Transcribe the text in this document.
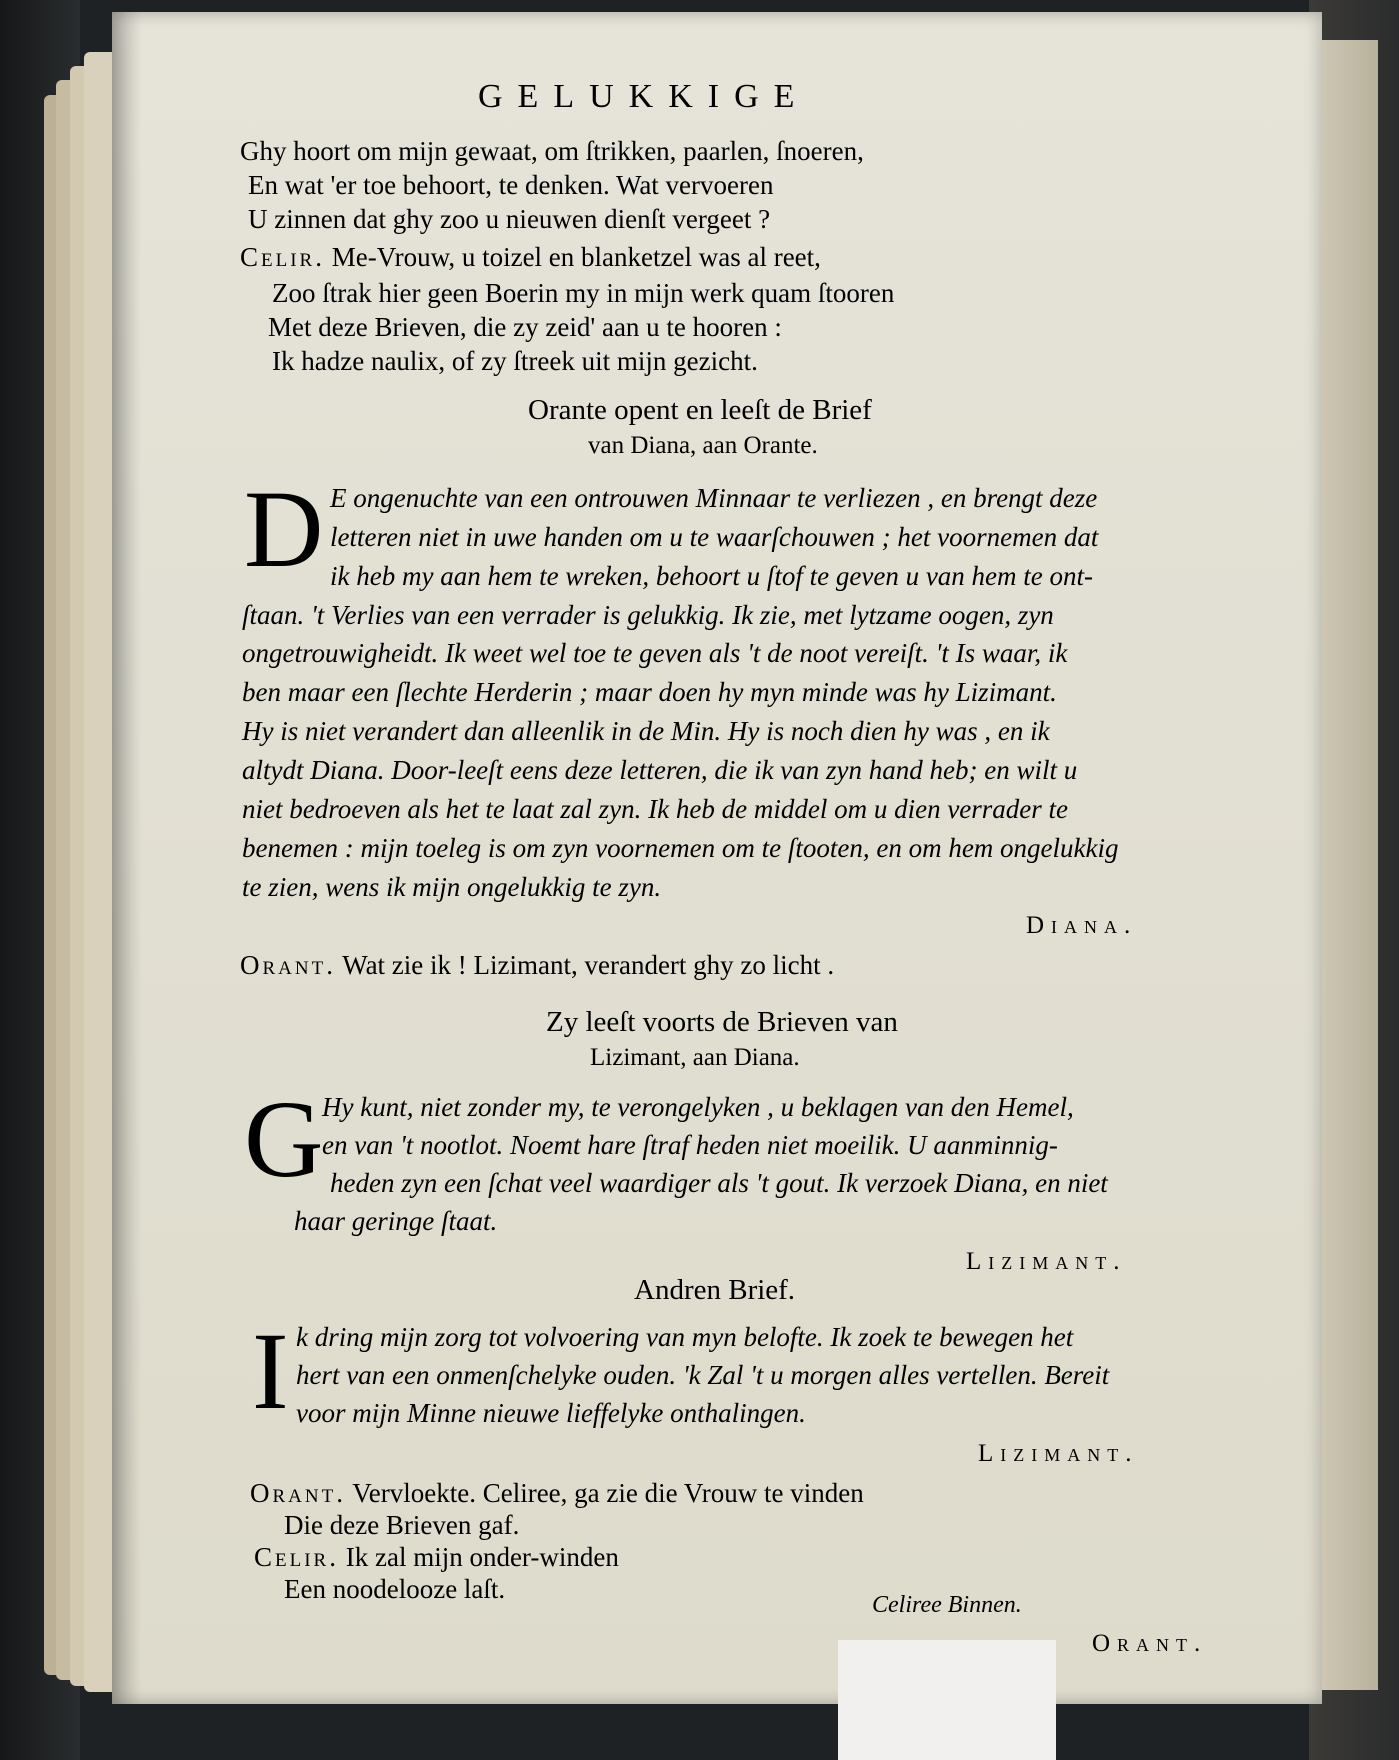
GELUKKIGE
Ghy hoort om mijn gewaat, om ſtrikken, paarlen, ſnoeren,
En wat 'er toe behoort, te denken. Wat vervoeren
U zinnen dat ghy zoo u nieuwen dienſt vergeet ?
Celir. Me-Vrouw, u toizel en blanketzel was al reet,
Zoo ſtrak hier geen Boerin my in mijn werk quam ſtooren
Met deze Brieven, die zy zeid' aan u te hooren :
Ik hadze naulix, of zy ſtreek uit mijn gezicht.
Orante opent en leeſt de Brief
van Diana, aan Orante.
D E ongenuchte van een ontrouwen Minnaar te verliezen , en brengt deze
letteren niet in uwe handen om u te waarſchouwen ; het voornemen dat
ik heb my aan hem te wreken, behoort u ſtof te geven u van hem te ont-
ſtaan. 't Verlies van een verrader is gelukkig. Ik zie, met lytzame oogen, zyn
ongetrouwigheidt. Ik weet wel toe te geven als 't de noot vereiſt. 't Is waar, ik
ben maar een ſlechte Herderin ; maar doen hy myn minde was hy Lizimant.
Hy is niet verandert dan alleenlik in de Min. Hy is noch dien hy was , en ik
altydt Diana. Door-leeſt eens deze letteren, die ik van zyn hand heb; en wilt u
niet bedroeven als het te laat zal zyn. Ik heb de middel om u dien verrader te
benemen : mijn toeleg is om zyn voornemen om te ſtooten, en om hem ongelukkig
te zien, wens ik mijn ongelukkig te zyn.
Diana.
Orant. Wat zie ik ! Lizimant, verandert ghy zo licht .
Zy leeſt voorts de Brieven van
Lizimant, aan Diana.
G
Hy kunt, niet zonder my, te verongelyken , u beklagen van den Hemel,
en van 't nootlot. Noemt hare ſtraf heden niet moeilik. U aanminnig-
heden zyn een ſchat veel waardiger als 't gout. Ik verzoek Diana, en niet
haar geringe ſtaat.
Lizimant.
Andren Brief.
I k dring mijn zorg tot volvoering van myn belofte. Ik zoek te bewegen het
hert van een onmenſchelyke ouden. 'k Zal 't u morgen alles vertellen. Bereit
voor mijn Minne nieuwe lieffelyke onthalingen.
Lizimant.
Orant. Vervloekte. Celiree, ga zie die Vrouw te vinden
Die deze Brieven gaf.
Celir. Ik zal mijn onder-winden
Een noodelooze laſt.
Celiree Binnen.
Orant.
